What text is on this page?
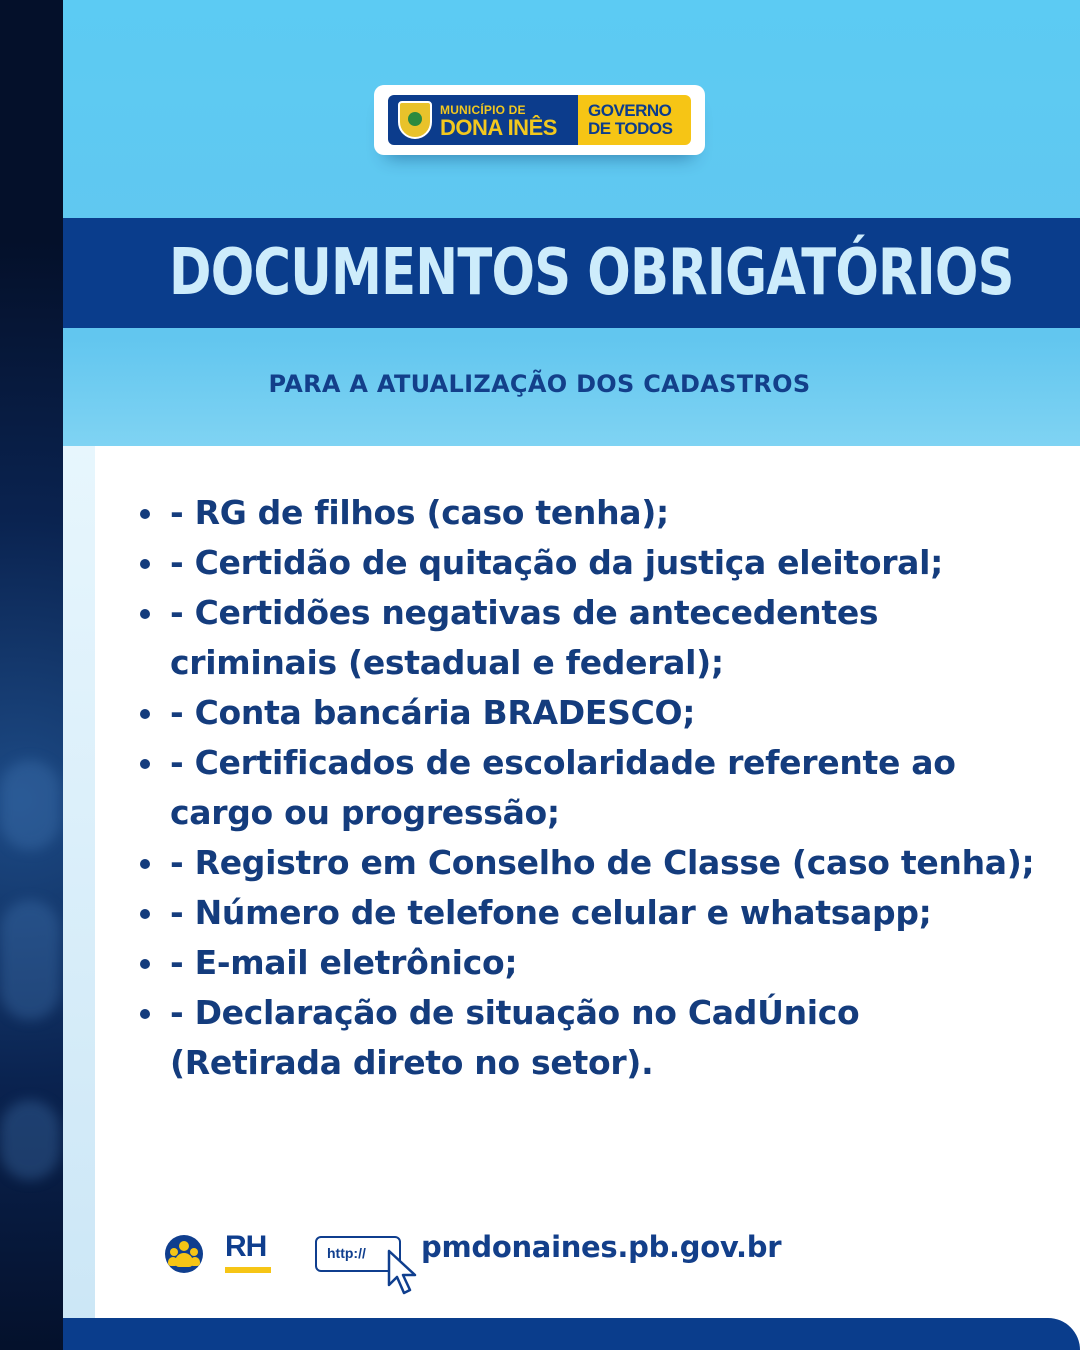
MUNICÍPIO DE
DONA INÊS
GOVERNO
DE TODOS
DOCUMENTOS OBRIGATÓRIOS
PARA A ATUALIZAÇÃO DOS CADASTROS
- RG de filhos (caso tenha);
- Certidão de quitação da justiça eleitoral;
- Certidões negativas de antecedentes criminais (estadual e federal);
- Conta bancária BRADESCO;
- Certificados de escolaridade referente ao cargo ou progressão;
- Registro em Conselho de Classe (caso tenha);
- Número de telefone celular e whatsapp;
- E-mail eletrônico;
- Declaração de situação no CadÚnico (Retirada direto no setor).
RH	http://	pmdonaines.pb.gov.br
